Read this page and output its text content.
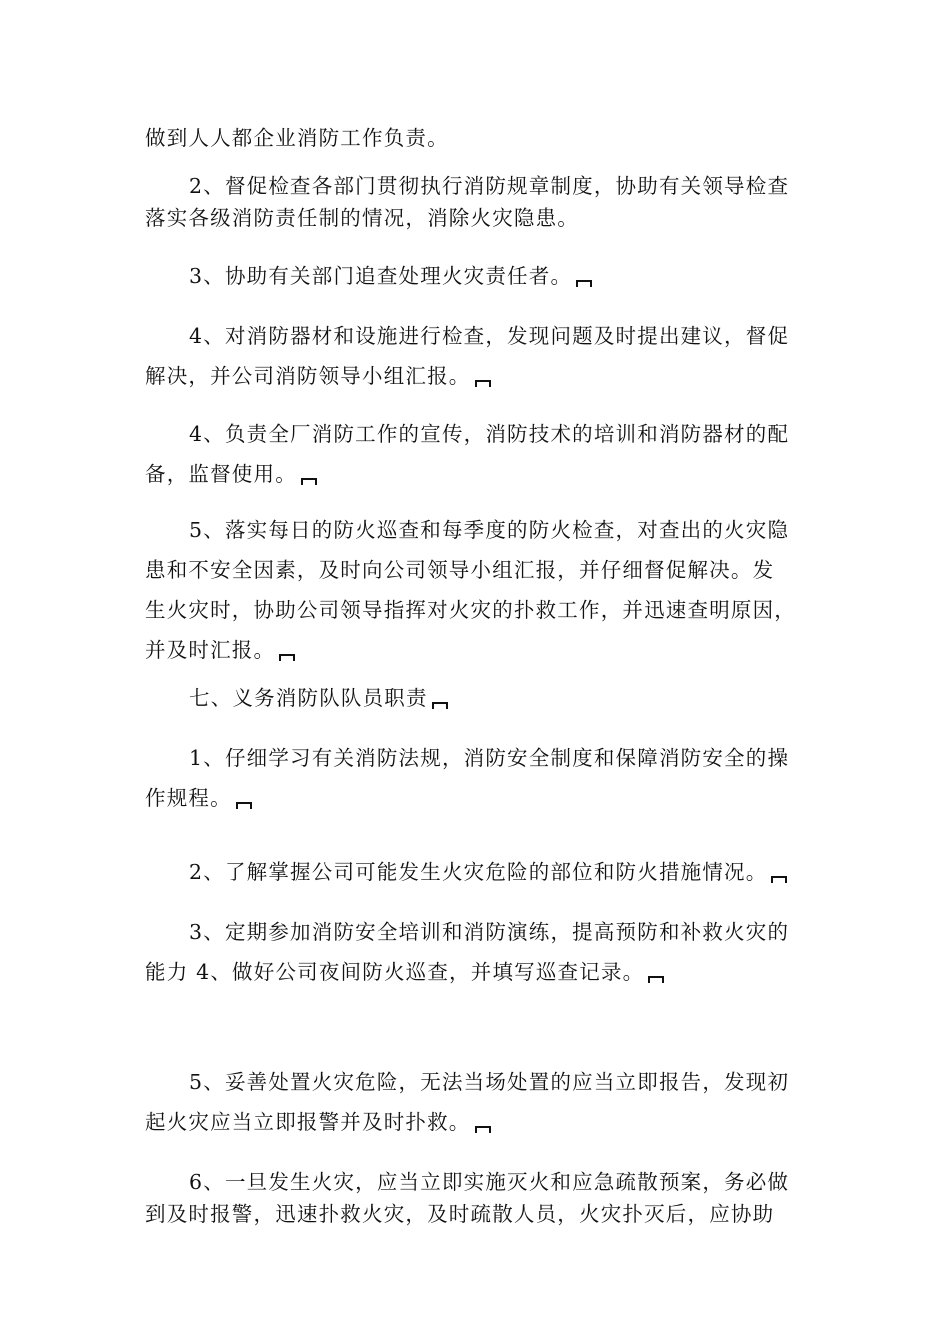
做到人人都企业消防工作负责。
2、督促检查各部门贯彻执行消防规章制度，协助有关领导检查
落实各级消防责任制的情况，消除火灾隐患。
3、协助有关部门追查处理火灾责任者。
4、对消防器材和设施进行检查，发现问题及时提出建议，督促
解决，并公司消防领导小组汇报。
4、负责全厂消防工作的宣传，消防技术的培训和消防器材的配
备，监督使用。
5、落实每日的防火巡查和每季度的防火检查，对查出的火灾隐
患和不安全因素，及时向公司领导小组汇报，并仔细督促解决。发
生火灾时，协助公司领导指挥对火灾的扑救工作，并迅速查明原因，
并及时汇报。
七、义务消防队队员职责
1、仔细学习有关消防法规，消防安全制度和保障消防安全的操
作规程。
2、了解掌握公司可能发生火灾危险的部位和防火措施情况。
3、定期参加消防安全培训和消防演练，提高预防和补救火灾的
能力 4、做好公司夜间防火巡查，并填写巡查记录。
5、妥善处置火灾危险，无法当场处置的应当立即报告，发现初
起火灾应当立即报警并及时扑救。
6、一旦发生火灾，应当立即实施灭火和应急疏散预案，务必做
到及时报警，迅速扑救火灾，及时疏散人员，火灾扑灭后，应协助
